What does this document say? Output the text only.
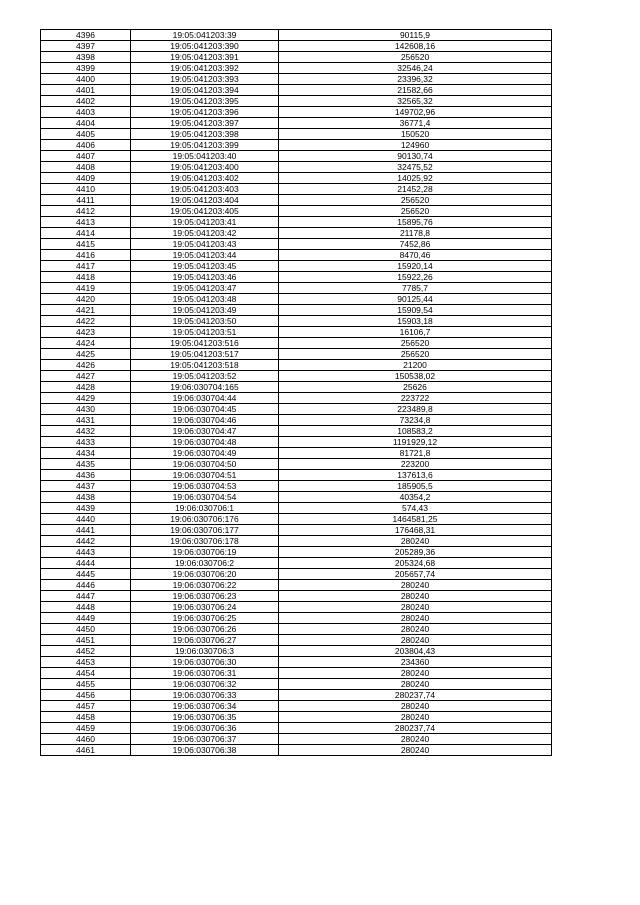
4396	19:05:041203:39	90115,9
4397	19:05:041203:390	142608,16
4398	19:05:041203:391	256520
4399	19:05:041203:392	32546,24
4400	19:05:041203:393	23396,32
4401	19:05:041203:394	21582,66
4402	19:05:041203:395	32565,32
4403	19:05:041203:396	149702,96
4404	19:05:041203:397	36771,4
4405	19:05:041203:398	150520
4406	19:05:041203:399	124960
4407	19:05:041203:40	90130,74
4408	19:05:041203:400	32475,52
4409	19:05:041203:402	14025,92
4410	19:05:041203:403	21452,28
4411	19:05:041203:404	256520
4412	19:05:041203:405	256520
4413	19:05:041203:41	15895,76
4414	19:05:041203:42	21178,8
4415	19:05:041203:43	7452,86
4416	19:05:041203:44	8470,46
4417	19:05:041203:45	15920,14
4418	19:05:041203:46	15922,26
4419	19:05:041203:47	7785,7
4420	19:05:041203:48	90125,44
4421	19:05:041203:49	15909,54
4422	19:05:041203:50	15903,18
4423	19:05:041203:51	16106,7
4424	19:05:041203:516	256520
4425	19:05:041203:517	256520
4426	19:05:041203:518	21200
4427	19:05:041203:52	150538,02
4428	19:06:030704:165	25626
4429	19:06:030704:44	223722
4430	19:06:030704:45	223489,8
4431	19:06:030704:46	73234,8
4432	19:06:030704:47	108583,2
4433	19:06:030704:48	1191929,12
4434	19:06:030704:49	81721,8
4435	19:06:030704:50	223200
4436	19:06:030704:51	137613,6
4437	19:06:030704:53	185905,5
4438	19:06:030704:54	40354,2
4439	19:06:030706:1	574,43
4440	19:06:030706:176	1464581,25
4441	19:06:030706:177	176468,31
4442	19:06:030706:178	280240
4443	19:06:030706:19	205289,36
4444	19:06:030706:2	205324,68
4445	19:06:030706:20	205657,74
4446	19:06:030706:22	280240
4447	19:06:030706:23	280240
4448	19:06:030706:24	280240
4449	19:06:030706:25	280240
4450	19:06:030706:26	280240
4451	19:06:030706:27	280240
4452	19:06:030706:3	203804,43
4453	19:06:030706:30	234360
4454	19:06:030706:31	280240
4455	19:06:030706:32	280240
4456	19:06:030706:33	280237,74
4457	19:06:030706:34	280240
4458	19:06:030706:35	280240
4459	19:06:030706:36	280237,74
4460	19:06:030706:37	280240
4461	19:06:030706:38	280240
